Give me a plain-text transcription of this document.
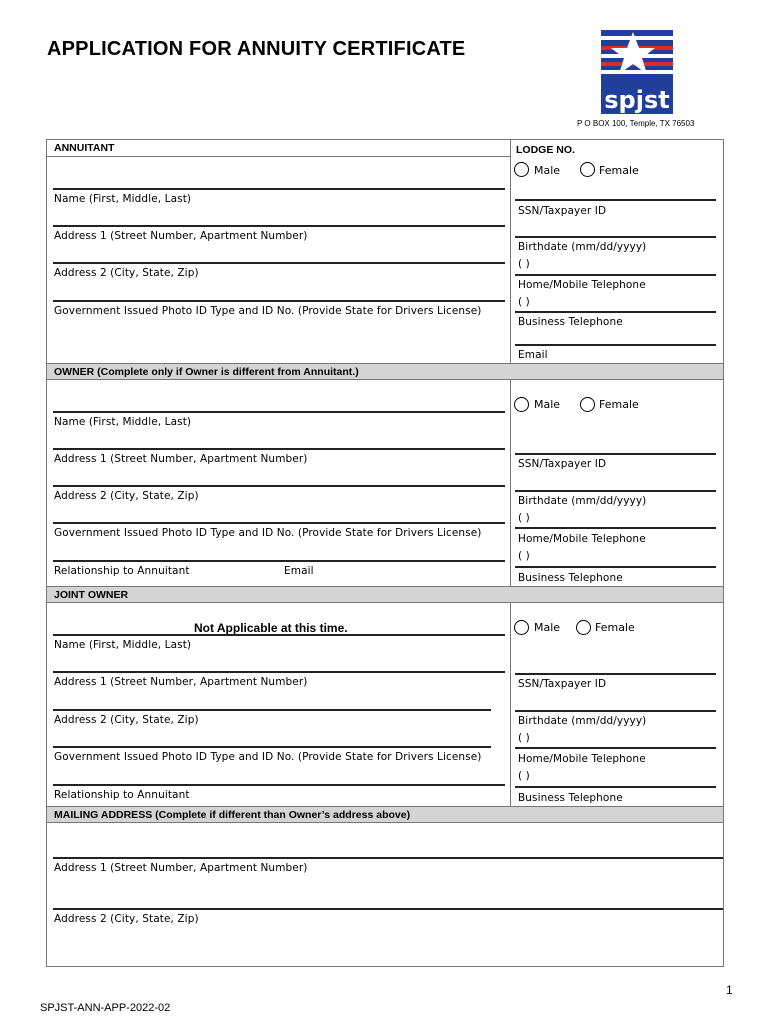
APPLICATION FOR ANNUITY CERTIFICATE
spjst
P O BOX 100, Temple, TX 76503
ANNUITANT	LODGE NO.
Male	Female
Name (First, Middle, Last)
Address 1 (Street Number, Apartment Number)
Address 2 (City, State, Zip)
Government Issued Photo ID Type and ID No. (Provide State for Drivers License)
SSN/Taxpayer ID
Birthdate (mm/dd/yyyy)
( )
Home/Mobile Telephone
( )
Business Telephone
Email
OWNER (Complete only if Owner is different from Annuitant.)
Male	Female
Name (First, Middle, Last)
Address 1 (Street Number, Apartment Number)
Address 2 (City, State, Zip)
Government Issued Photo ID Type and ID No. (Provide State for Drivers License)
Relationship to Annuitant	Email
SSN/Taxpayer ID
Birthdate (mm/dd/yyyy)
( )
Home/Mobile Telephone
( )
Business Telephone
JOINT OWNER
Not Applicable at this time.	Male	Female
Name (First, Middle, Last)
Address 1 (Street Number, Apartment Number)
Address 2 (City, State, Zip)
Government Issued Photo ID Type and ID No. (Provide State for Drivers License)
Relationship to Annuitant
SSN/Taxpayer ID
Birthdate (mm/dd/yyyy)
( )
Home/Mobile Telephone
( )
Business Telephone
MAILING ADDRESS (Complete if different than Owner’s address above)
Address 1 (Street Number, Apartment Number)
Address 2 (City, State, Zip)
1
SPJST-ANN-APP-2022-02
